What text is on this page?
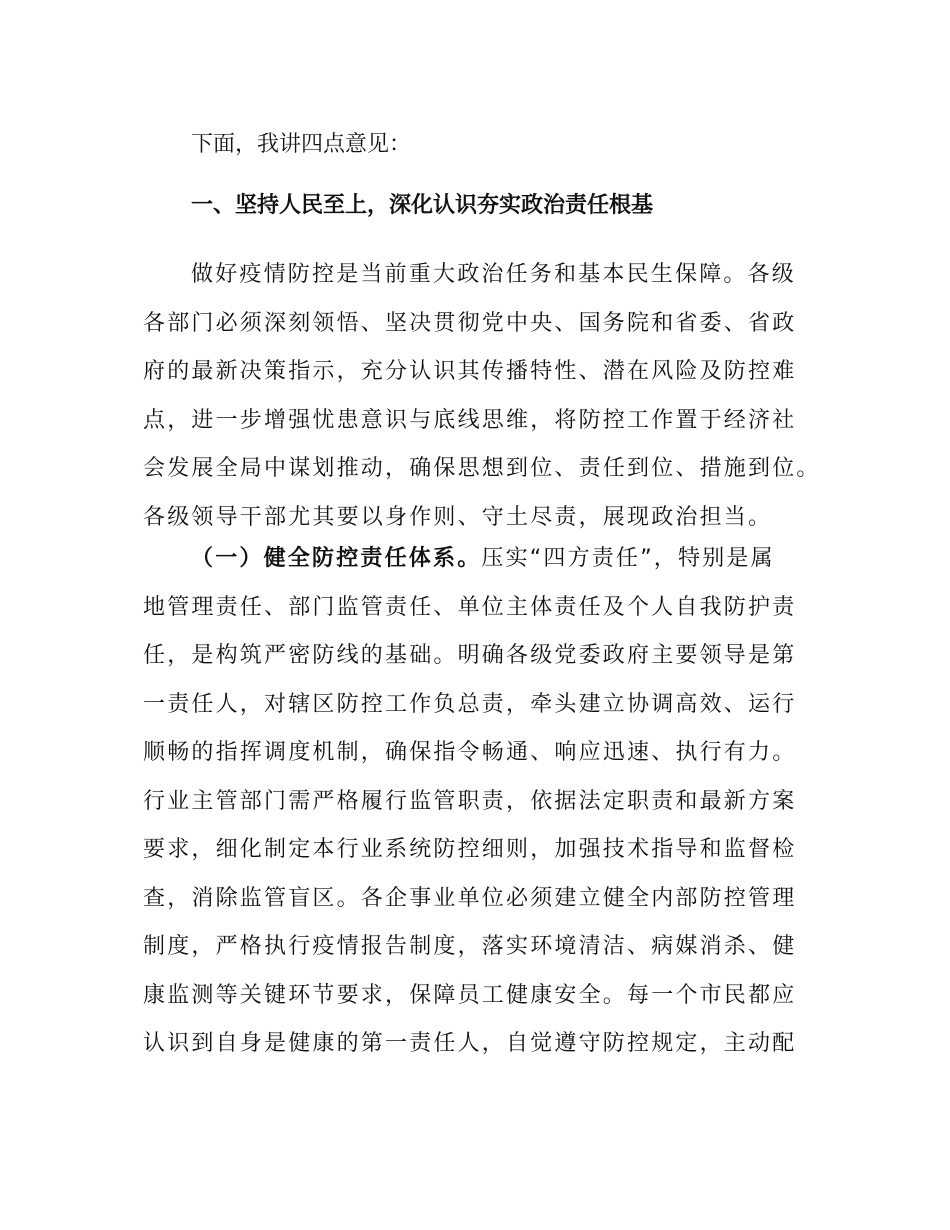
下面，我讲四点意见：

一、坚持人民至上，深化认识夯实政治责任根基

做好疫情防控是当前重大政治任务和基本民生保障。各级
各部门必须深刻领悟、坚决贯彻党中央、国务院和省委、省政
府的最新决策指示，充分认识其传播特性、潜在风险及防控难
点，进一步增强忧患意识与底线思维，将防控工作置于经济社
会发展全局中谋划推动，确保思想到位、责任到位、措施到位。
各级领导干部尤其要以身作则、守土尽责，展现政治担当。
（一）健全防控责任体系。压实“四方责任”，特别是属
地管理责任、部门监管责任、单位主体责任及个人自我防护责
任，是构筑严密防线的基础。明确各级党委政府主要领导是第
一责任人，对辖区防控工作负总责，牵头建立协调高效、运行
顺畅的指挥调度机制，确保指令畅通、响应迅速、执行有力。
行业主管部门需严格履行监管职责，依据法定职责和最新方案
要求，细化制定本行业系统防控细则，加强技术指导和监督检
查，消除监管盲区。各企事业单位必须建立健全内部防控管理
制度，严格执行疫情报告制度，落实环境清洁、病媒消杀、健
康监测等关键环节要求，保障员工健康安全。每一个市民都应
认识到自身是健康的第一责任人，自觉遵守防控规定，主动配
